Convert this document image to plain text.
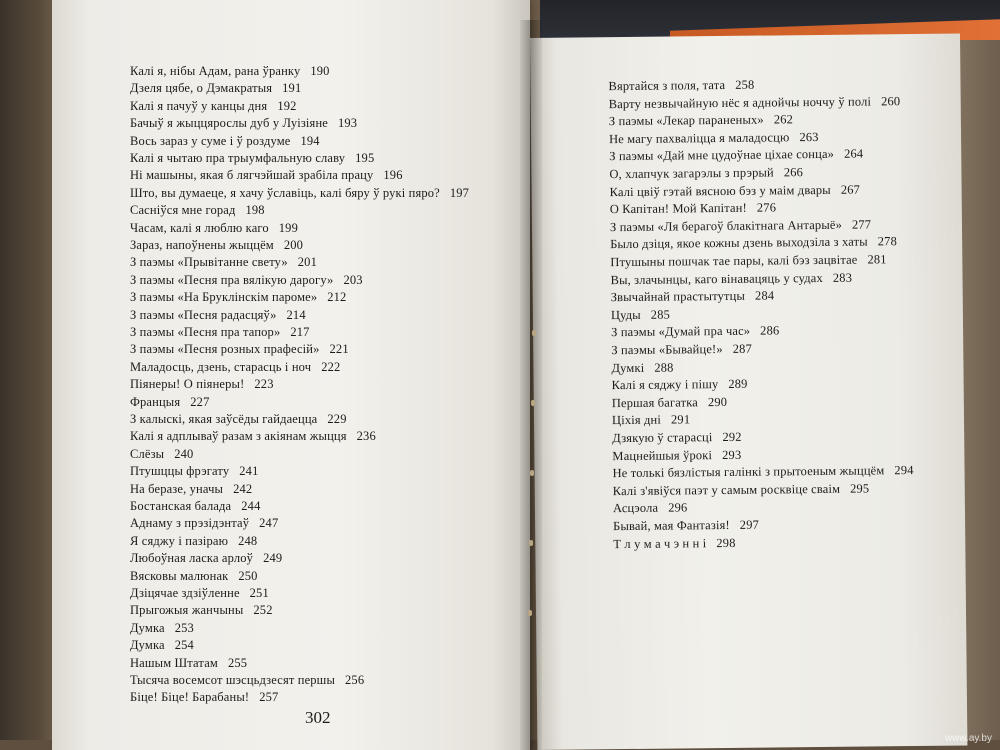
Калі я, нібы Адам, рана ўранку 190
Дзеля цябе, о Дэмакратыя 191
Калі я пачуў у канцы дня 192
Бачыў я жыццярослы дуб у Луізіяне 193
Вось зараз у суме і ў роздуме 194
Калі я чытаю пра трыумфальную славу 195
Ні машыны, якая б лягчэйшай зрабіла працу 196
Што, вы думаеце, я хачу ўславіць, калі бяру ў рукі пяро? 197
Сасніўся мне горад 198
Часам, калі я люблю каго 199
Зараз, напоўнены жыццём 200
З паэмы «Прывітанне свету» 201
З паэмы «Песня пра вялікую дарогу» 203
З паэмы «На Бруклінскім пароме» 212
З паэмы «Песня радасцяў» 214
З паэмы «Песня пра тапор» 217
З паэмы «Песня розных прафесій» 221
Маладосць, дзень, старасць і ноч 222
Піянеры! О піянеры! 223
Францыя 227
З калыскі, якая заўсёды гайдаецца 229
Калі я адплываў разам з акіянам жыцця 236
Слёзы 240
Птушццы фрэгату 241
На беразе, уначы 242
Бостанская балада 244
Аднаму з прэзідэнтаў 247
Я сяджу і пазіраю 248
Любоўная ласка арлоў 249
Вясковы малюнак 250
Дзіцячае здзіўленне 251
Прыгожыя жанчыны 252
Думка 253
Думка 254
Нашым Штатам 255
Тысяча восемсот шэсцьдзесят першы 256
Біце! Біце! Барабаны! 257
302
Вяртайся з поля, тата 258
Варту незвычайную нёс я аднойчы ноччу ў полі 260
З паэмы «Лекар параненых» 262
Не магу пахваліцца я маладосцю 263
З паэмы «Дай мне цудоўнае ціхае сонца» 264
О, хлапчук загарэлы з прэрый 266
Калі цвіў гэтай вясною бэз у маім двары 267
О Капітан! Мой Капітан! 276
З паэмы «Ля берагоў блакітнага Антарыё» 277
Было дзіця, якое кожны дзень выходзіла з хаты 278
Птушыны пошчак тае пары, калі бэз зацвітае 281
Вы, злачынцы, каго вінавацяць у судах 283
Звычайнай прастытутцы 284
Цуды 285
З паэмы «Думай пра час» 286
З паэмы «Бывайце!» 287
Думкі 288
Калі я сяджу і пішу 289
Першая багатка 290
Ціхія дні 291
Дзякую ў старасці 292
Мацнейшыя ўрокі 293
Не толькі бязлістыя галінкі з прытоеным жыццём 294
Калі з'явіўся паэт у самым росквіце сваім 295
Асцэола 296
Бывай, мая Фантазія! 297
Т л у м а ч э н н і 298
www.ay.by
